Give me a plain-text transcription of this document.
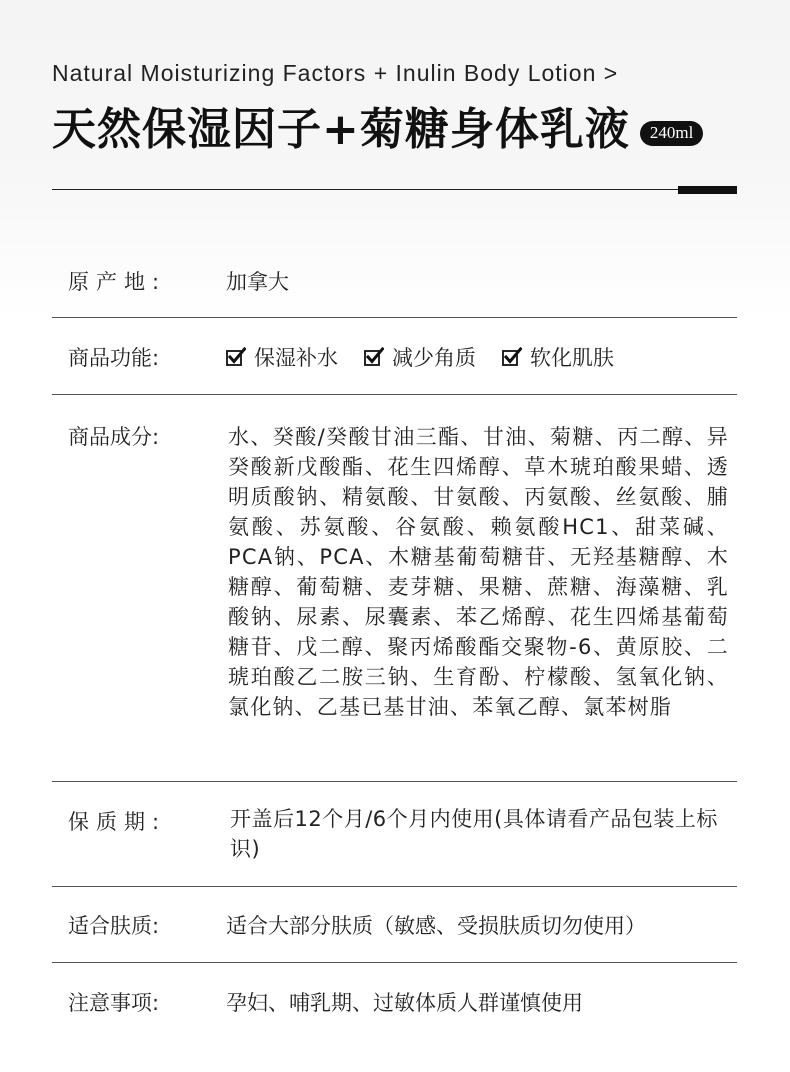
Natural Moisturizing Factors + Inulin Body Lotion >
天然保湿因子+菊糖身体乳液	240ml
原产地:	加拿大
商品功能:	保湿补水	减少角质	软化肌肤
商品成分:	水、癸酸/癸酸甘油三酯、甘油、菊糖、丙二醇、异癸酸新戊酸酯、花生四烯醇、草木琥珀酸果蜡、透明质酸钠、精氨酸、甘氨酸、丙氨酸、丝氨酸、脯氨酸、苏氨酸、谷氨酸、赖氨酸HC1、甜菜碱、PCA钠、PCA、木糖基葡萄糖苷、无羟基糖醇、木糖醇、葡萄糖、麦芽糖、果糖、蔗糖、海藻糖、乳酸钠、尿素、尿囊素、苯乙烯醇、花生四烯基葡萄糖苷、戊二醇、聚丙烯酸酯交聚物-6、黄原胶、二琥珀酸乙二胺三钠、生育酚、柠檬酸、氢氧化钠、氯化钠、乙基已基甘油、苯氧乙醇、氯苯树脂
保质期:	开盖后12个月/6个月内使用(具体请看产品包装上标识)
适合肤质:	适合大部分肤质（敏感、受损肤质切勿使用）
注意事项:	孕妇、哺乳期、过敏体质人群谨慎使用
